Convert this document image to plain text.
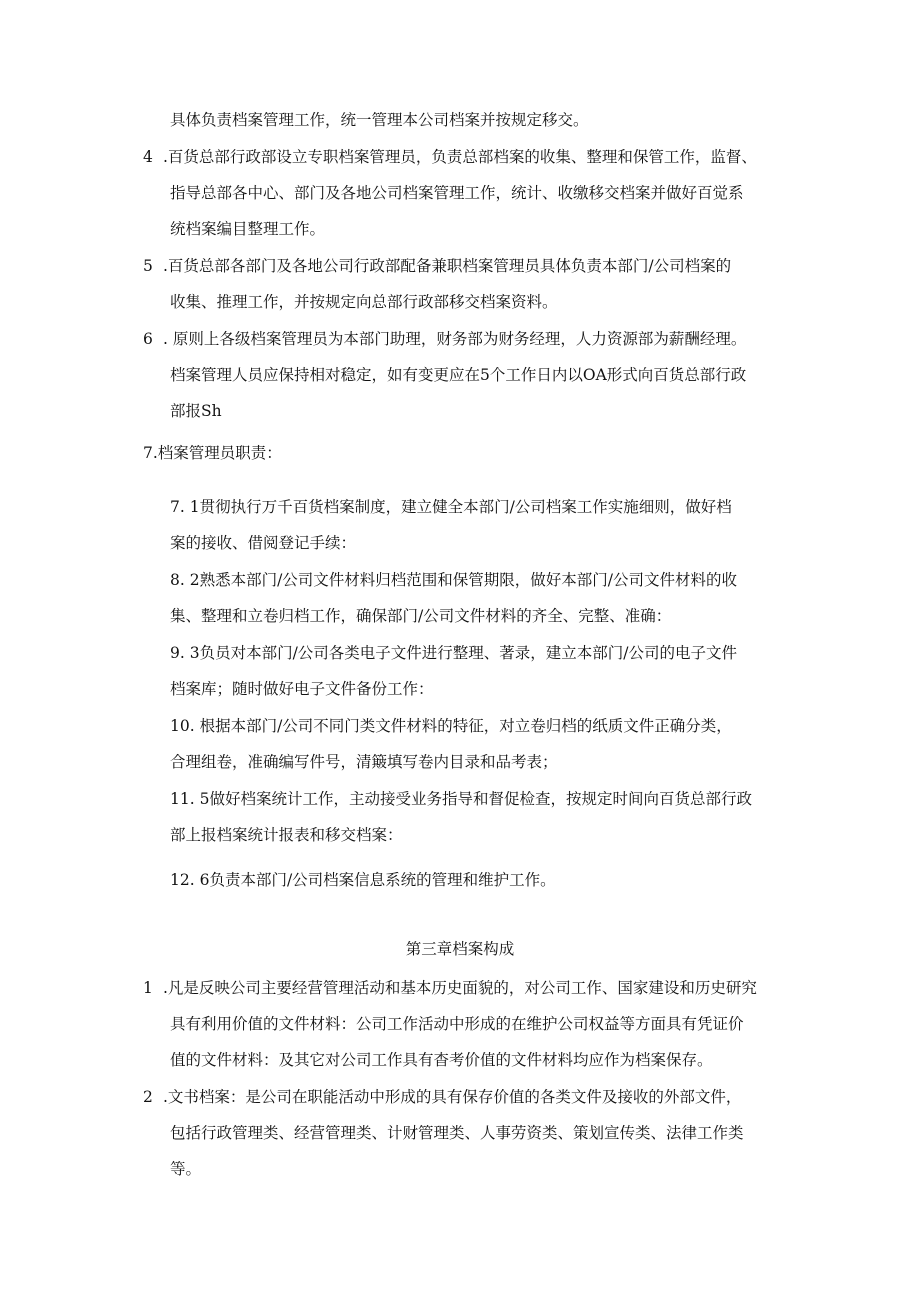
具体负责档案管理工作，统一管理本公司档案并按规定移交。
4 .百货总部行政部设立专职档案管理员，负责总部档案的收集、整理和保管工作，监督、
指导总部各中心、部门及各地公司档案管理工作，统计、收缴移交档案并做好百觉系
统档案编目整理工作。
5 .百货总部各部门及各地公司行政部配备兼职档案管理员具体负责本部门/公司档案的
收集、推理工作，并按规定向总部行政部移交档案资料。
6 . 原则上各级档案管理员为本部门助理，财务部为财务经理，人力资源部为薪酬经理。
档案管理人员应保持相对稳定，如有变更应在5个工作日内以OA形式向百货总部行政
部报Sh
7.档案管理员职责：
7. 1贯彻执行万千百货档案制度，建立健全本部门/公司档案工作实施细则，做好档
案的接收、借阅登记手续：
8. 2熟悉本部门/公司文件材料归档范围和保管期限，做好本部门/公司文件材料的收
集、整理和立卷归档工作，确保部门/公司文件材料的齐全、完整、准确：
9. 3负员对本部门/公司各类电子文件进行整理、著录，建立本部门/公司的电子文件
档案库；随时做好电子文件备份工作：
10. 根据本部门/公司不同门类文件材料的特征，对立卷归档的纸质文件正确分类，
合理组卷，准确编写件号，清簸填写卷内目录和品考表；
11. 5做好档案统计工作，主动接受业务指导和督促检查，按规定时间向百货总部行政
部上报档案统计报表和移交档案：
12. 6负责本部门/公司档案信息系统的管理和维护工作。
第三章档案构成
1 .凡是反映公司主要经营管理活动和基本历史面貌的，对公司工作、国家建设和历史研究
具有利用价值的文件材料：公司工作活动中形成的在维护公司权益等方面具有凭证价
值的文件材料：及其它对公司工作具有杳考价值的文件材料均应作为档案保存。
2 .文书档案：是公司在职能活动中形成的具有保存价值的各类文件及接收的外部文件，
包括行政管理类、经营管理类、计财管理类、人事劳资类、策划宣传类、法律工作类
等。
